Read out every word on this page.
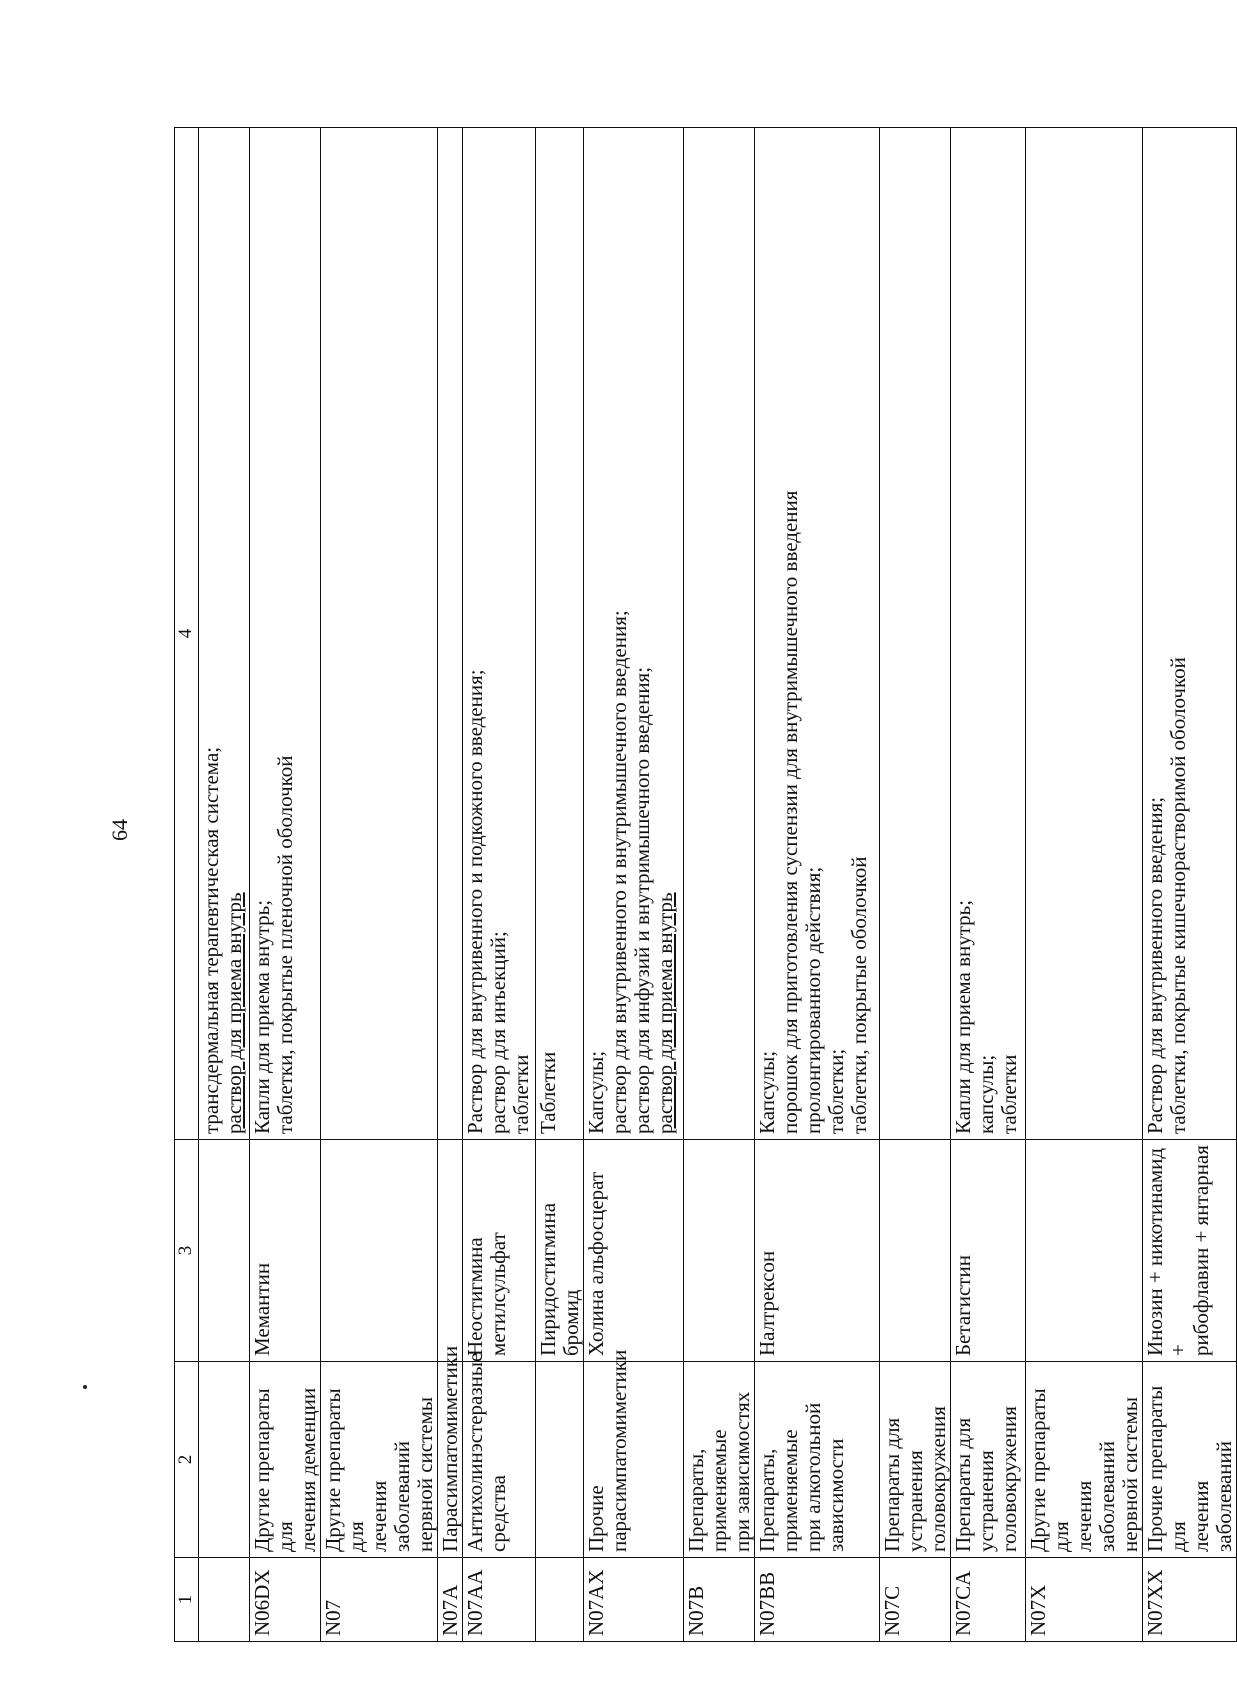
64
1	2	3	4

			трансдермальная терапевтическая система; раствор для приема внутрь

N06DX	Другие препараты для лечения деменции	Мемантин	Капли для приема внутрь; таблетки, покрытые пленочной оболочкой

N07	Другие препараты для лечения заболеваний нервной системы		

N07A	Парасимпатомиметики		

N07AA	Антихолинэстеразные средства	Неостигмина метилсульфат	Раствор для внутривенного и подкожного введения; раствор для инъекций; таблетки

		Пиридостигмина бромид	Таблетки

N07AX	Прочие парасимпатомиметики	Холина альфосцерат	Капсулы; раствор для внутривенного и внутримышечного введения; раствор для инфузий и внутримышечного введения; раствор для приема внутрь

N07B	Препараты, применяемые при зависимостях		

N07BB	Препараты, применяемые при алкогольной зависимости	Налтрексон	Капсулы; порошок для приготовления суспензии для внутримышечного введения пролонгированного действия; таблетки; таблетки, покрытые оболочкой

N07C	Препараты для устранения головокружения		

N07CA	Препараты для устранения головокружения	Бетагистин	Капли для приема внутрь; капсулы; таблетки

N07X	Другие препараты для лечения заболеваний нервной системы		

N07XX	Прочие препараты для лечения заболеваний	Инозин + никотинамид + рибофлавин + янтарная	Раствор для внутривенного введения; таблетки, покрытые кишечнорастворимой оболочкой
